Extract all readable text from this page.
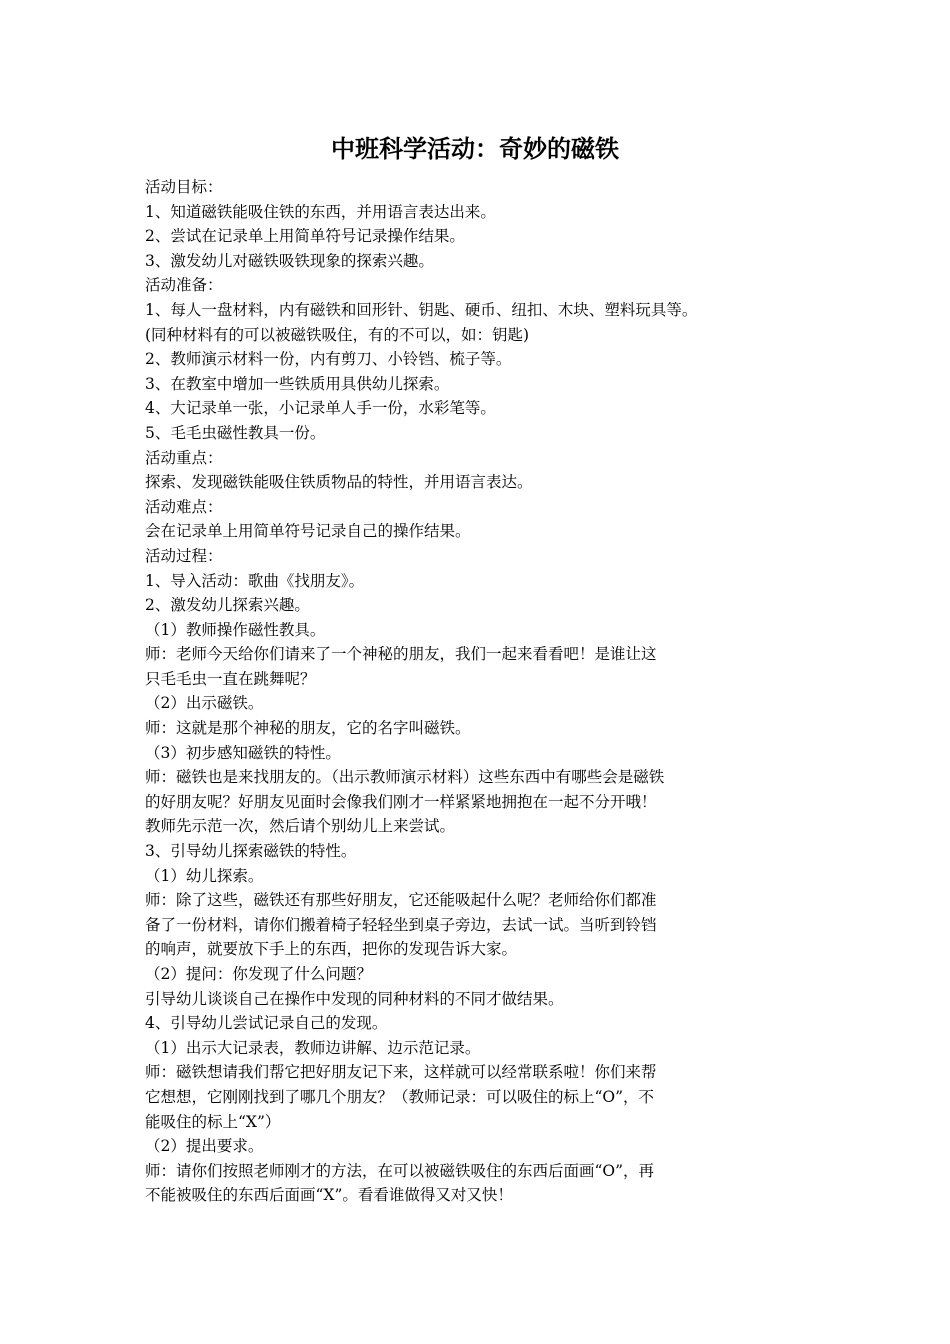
中班科学活动：奇妙的磁铁
活动目标：
1、知道磁铁能吸住铁的东西，并用语言表达出来。
2、尝试在记录单上用简单符号记录操作结果。
3、激发幼儿对磁铁吸铁现象的探索兴趣。
活动准备：
1、每人一盘材料，内有磁铁和回形针、钥匙、硬币、纽扣、木块、塑料玩具等。
(同种材料有的可以被磁铁吸住，有的不可以，如：钥匙)
2、教师演示材料一份，内有剪刀、小铃铛、梳子等。
3、在教室中增加一些铁质用具供幼儿探索。
4、大记录单一张，小记录单人手一份，水彩笔等。
5、毛毛虫磁性教具一份。
活动重点：
探索、发现磁铁能吸住铁质物品的特性，并用语言表达。
活动难点：
会在记录单上用简单符号记录自己的操作结果。
活动过程：
1、导入活动：歌曲《找朋友》。
2、激发幼儿探索兴趣。
（1）教师操作磁性教具。
师：老师今天给你们请来了一个神秘的朋友，我们一起来看看吧！是谁让这
只毛毛虫一直在跳舞呢？
（2）出示磁铁。
师：这就是那个神秘的朋友，它的名字叫磁铁。
（3）初步感知磁铁的特性。
师：磁铁也是来找朋友的。（出示教师演示材料）这些东西中有哪些会是磁铁
的好朋友呢？好朋友见面时会像我们刚才一样紧紧地拥抱在一起不分开哦！
教师先示范一次，然后请个别幼儿上来尝试。
3、引导幼儿探索磁铁的特性。
（1）幼儿探索。
师：除了这些，磁铁还有那些好朋友，它还能吸起什么呢？老师给你们都准
备了一份材料，请你们搬着椅子轻轻坐到桌子旁边，去试一试。当听到铃铛
的响声，就要放下手上的东西，把你的发现告诉大家。
（2）提问：你发现了什么问题？
引导幼儿谈谈自己在操作中发现的同种材料的不同才做结果。
4、引导幼儿尝试记录自己的发现。
（1）出示大记录表，教师边讲解、边示范记录。
师：磁铁想请我们帮它把好朋友记下来，这样就可以经常联系啦！你们来帮
它想想，它刚刚找到了哪几个朋友？（教师记录：可以吸住的标上“O”，不
能吸住的标上“X”）
（2）提出要求。
师：请你们按照老师刚才的方法，在可以被磁铁吸住的东西后面画“O”，再
不能被吸住的东西后面画“X”。看看谁做得又对又快！
